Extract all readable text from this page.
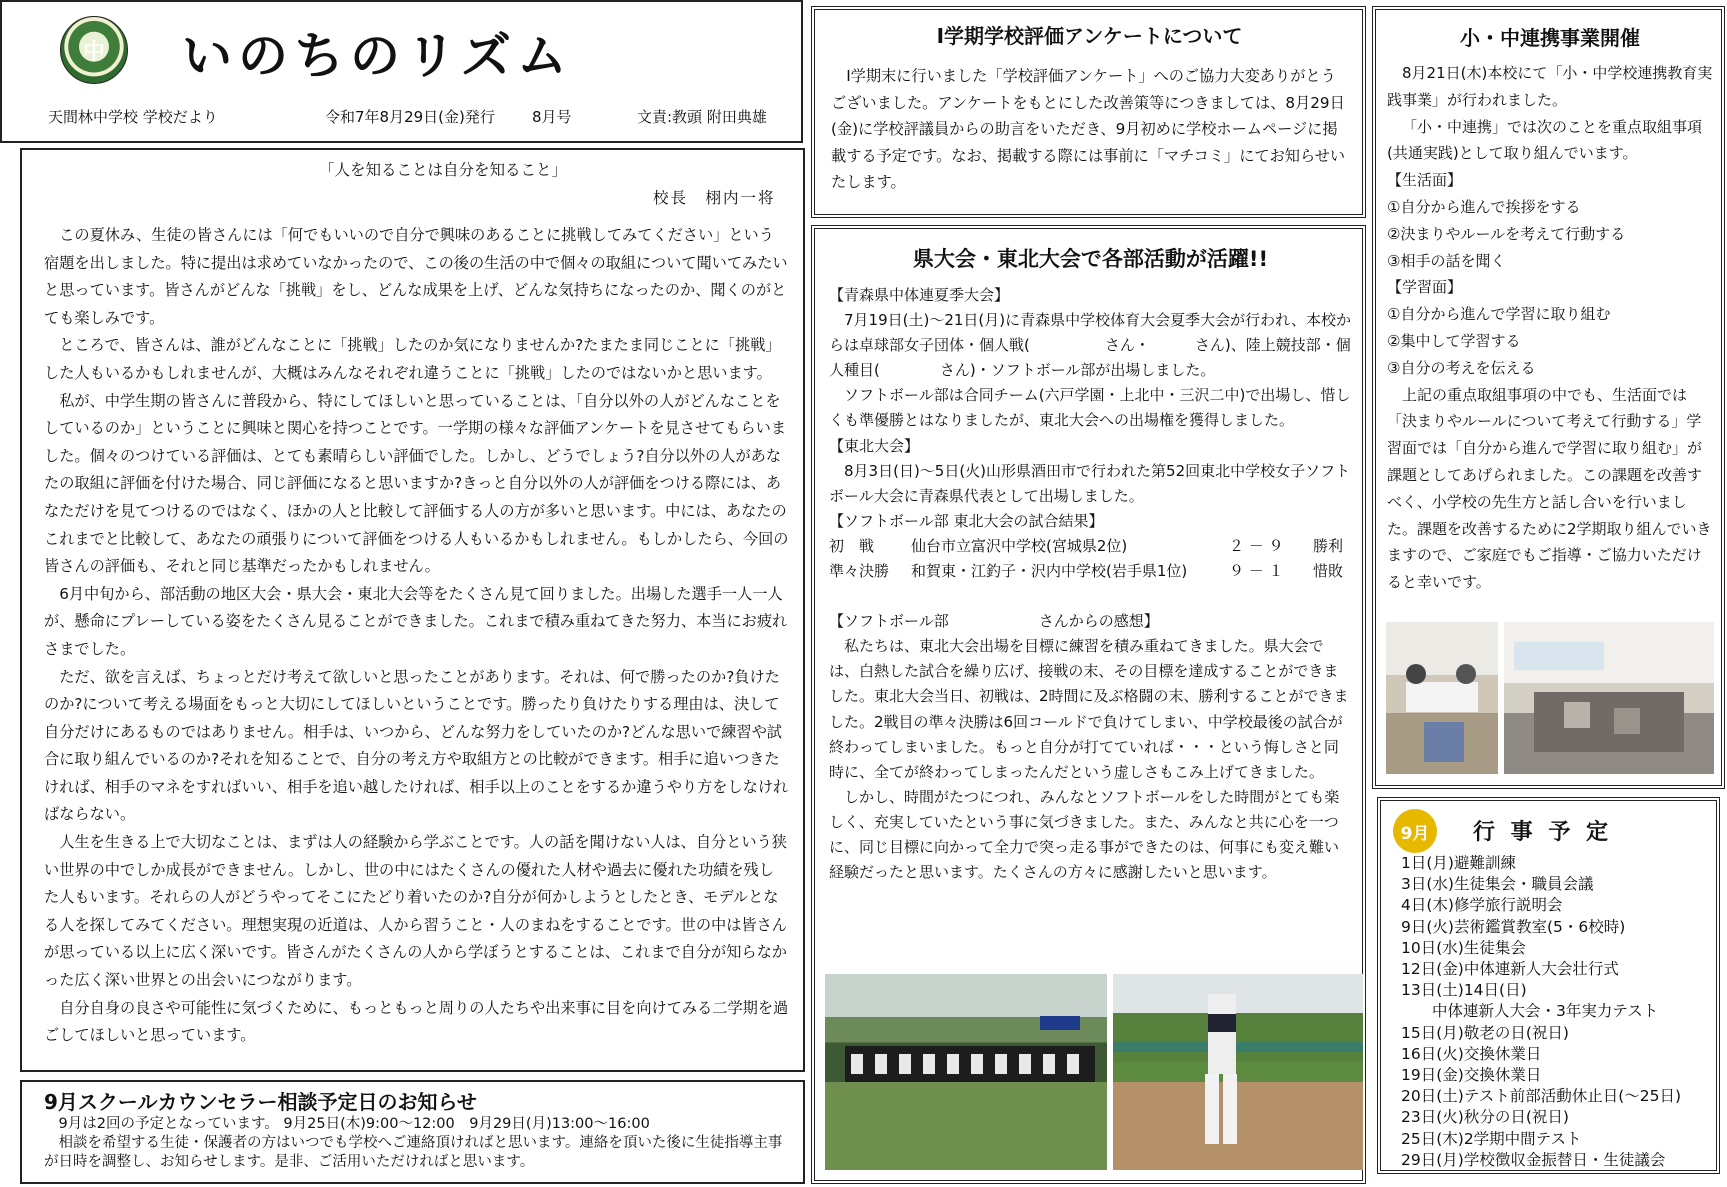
中 いのちのリズム
天間林中学校 学校だより	令和7年8月29日(金)発行 8月号	文責:教頭 附田典雄
「人を知ることは自分を知ること」
校長　栩内一将

この夏休み、生徒の皆さんには「何でもいいので自分で興味のあることに挑戦してみてください」という宿題を出しました。特に提出は求めていなかったので、この後の生活の中で個々の取組について聞いてみたいと思っています。皆さんがどんな「挑戦」をし、どんな成果を上げ、どんな気持ちになったのか、聞くのがとても楽しみです。

ところで、皆さんは、誰がどんなことに「挑戦」したのか気になりませんか?たまたま同じことに「挑戦」した人もいるかもしれませんが、大概はみんなそれぞれ違うことに「挑戦」したのではないかと思います。

私が、中学生期の皆さんに普段から、特にしてほしいと思っていることは、「自分以外の人がどんなことをしているのか」ということに興味と関心を持つことです。一学期の様々な評価アンケートを見させてもらいました。個々のつけている評価は、とても素晴らしい評価でした。しかし、どうでしょう?自分以外の人があなたの取組に評価を付けた場合、同じ評価になると思いますか?きっと自分以外の人が評価をつける際には、あなただけを見てつけるのではなく、ほかの人と比較して評価する人の方が多いと思います。中には、あなたのこれまでと比較して、あなたの頑張りについて評価をつける人もいるかもしれません。もしかしたら、今回の皆さんの評価も、それと同じ基準だったかもしれません。

6月中旬から、部活動の地区大会・県大会・東北大会等をたくさん見て回りました。出場した選手一人一人が、懸命にプレーしている姿をたくさん見ることができました。これまで積み重ねてきた努力、本当にお疲れさまでした。

ただ、欲を言えば、ちょっとだけ考えて欲しいと思ったことがあります。それは、何で勝ったのか?負けたのか?について考える場面をもっと大切にしてほしいということです。勝ったり負けたりする理由は、決して自分だけにあるものではありません。相手は、いつから、どんな努力をしていたのか?どんな思いで練習や試合に取り組んでいるのか?それを知ることで、自分の考え方や取組方との比較ができます。相手に追いつきたければ、相手のマネをすればいい、相手を追い越したければ、相手以上のことをするか違うやり方をしなければならない。

人生を生きる上で大切なことは、まずは人の経験から学ぶことです。人の話を聞けない人は、自分という狭い世界の中でしか成長ができません。しかし、世の中にはたくさんの優れた人材や過去に優れた功績を残した人もいます。それらの人がどうやってそこにたどり着いたのか?自分が何かしようとしたとき、モデルとなる人を探してみてください。理想実現の近道は、人から習うこと・人のまねをすることです。世の中は皆さんが思っている以上に広く深いです。皆さんがたくさんの人から学ぼうとすることは、これまで自分が知らなかった広く深い世界との出会いにつながります。

自分自身の良さや可能性に気づくために、もっともっと周りの人たちや出来事に目を向けてみる二学期を過ごしてほしいと思っています。

9月スクールカウンセラー相談予定日のお知らせ
9月は2回の予定となっています。 9月25日(木)9:00～12:00　9月29日(月)13:00～16:00
相談を希望する生徒・保護者の方はいつでも学校へご連絡頂ければと思います。連絡を頂いた後に生徒指導主事が日時を調整し、お知らせします。是非、ご活用いただければと思います。
Ⅰ学期学校評価アンケートについて
Ⅰ学期末に行いました「学校評価アンケート」へのご協力大変ありがとうございました。アンケートをもとにした改善策等につきましては、8月29日(金)に学校評議員からの助言をいただき、9月初めに学校ホームページに掲載する予定です。なお、掲載する際には事前に「マチコミ」にてお知らせいたします。
県大会・東北大会で各部活動が活躍!!

【青森県中体連夏季大会】

7月19日(土)～21日(月)に青森県中学校体育大会夏季大会が行われ、本校からは卓球部女子団体・個人戦(　　　　　さん・　　　さん)、陸上競技部・個人種目(　　　　さん)・ソフトボール部が出場しました。

ソフトボール部は合同チーム(六戸学園・上北中・三沢二中)で出場し、惜しくも準優勝とはなりましたが、東北大会への出場権を獲得しました。

【東北大会】

8月3日(日)～5日(火)山形県酒田市で行われた第52回東北中学校女子ソフトボール大会に青森県代表として出場しました。

【ソフトボール部 東北大会の試合結果】

初　戦 仙台市立富沢中学校(宮城県2位)	２ － ９ 勝利
準々決勝 和賀東・江釣子・沢内中学校(岩手県1位)	９ － １ 惜敗

【ソフトボール部　　　　　　さんからの感想】

私たちは、東北大会出場を目標に練習を積み重ねてきました。県大会では、白熱した試合を繰り広げ、接戦の末、その目標を達成することができました。東北大会当日、初戦は、2時間に及ぶ格闘の末、勝利することができました。2戦目の準々決勝は6回コールドで負けてしまい、中学校最後の試合が終わってしまいました。もっと自分が打てていれば・・・という悔しさと同時に、全てが終わってしまったんだという虚しさもこみ上げてきました。

しかし、時間がたつにつれ、みんなとソフトボールをした時間がとても楽しく、充実していたという事に気づきました。また、みんなと共に心を一つに、同じ目標に向かって全力で突っ走る事ができたのは、何事にも変え難い経験だったと思います。たくさんの方々に感謝したいと思います。

小・中連携事業開催

8月21日(木)本校にて「小・中学校連携教育実践事業」が行われました。

「小・中連携」では次のことを重点取組事項(共通実践)として取り組んでいます。

【生活面】

①自分から進んで挨拶をする

②決まりやルールを考えて行動する

③相手の話を聞く

【学習面】

①自分から進んで学習に取り組む

②集中して学習する

③自分の考えを伝える

上記の重点取組事項の中でも、生活面では「決まりやルールについて考えて行動する」学習面では「自分から進んで学習に取り組む」が課題としてあげられました。この課題を改善すべく、小学校の先生方と話し合いを行いました。課題を改善するために2学期取り組んでいきますので、ご家庭でもご指導・ご協力いただけると幸いです。

9月 行 事 予 定
1日(月)避難訓練
3日(水)生徒集会・職員会議
4日(木)修学旅行説明会
9日(火)芸術鑑賞教室(5・6校時)
10日(水)生徒集会
12日(金)中体連新人大会壮行式
13日(土)14日(日)
　　中体連新人大会・3年実力テスト
15日(月)敬老の日(祝日)
16日(火)交換休業日
19日(金)交換休業日
20日(土)テスト前部活動休止日(～25日)
23日(火)秋分の日(祝日)
25日(木)2学期中間テスト
29日(月)学校徴収金振替日・生徒議会
